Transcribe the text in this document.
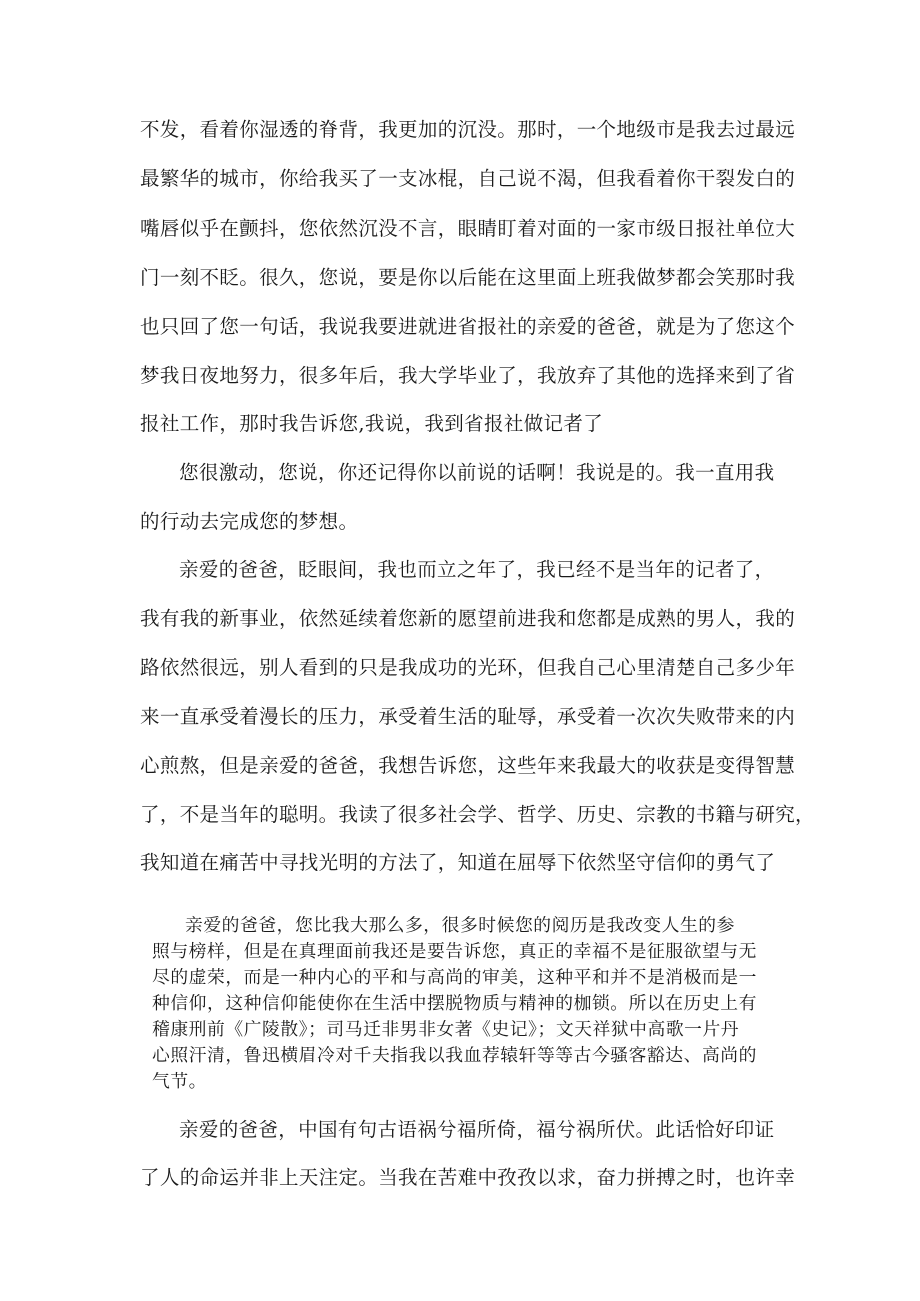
不发，看着你湿透的脊背，我更加的沉没。那时，一个地级市是我去过最远
最繁华的城市，你给我买了一支冰棍，自己说不渴，但我看着你干裂发白的
嘴唇似乎在颤抖，您依然沉没不言，眼睛盯着对面的一家市级日报社单位大
门一刻不眨。很久，您说，要是你以后能在这里面上班我做梦都会笑那时我
也只回了您一句话，我说我要进就进省报社的亲爱的爸爸，就是为了您这个
梦我日夜地努力，很多年后，我大学毕业了，我放弃了其他的选择来到了省
报社工作，那时我告诉您,我说，我到省报社做记者了
您很激动，您说，你还记得你以前说的话啊！我说是的。我一直用我
的行动去完成您的梦想。
亲爱的爸爸，眨眼间，我也而立之年了，我已经不是当年的记者了，
我有我的新事业，依然延续着您新的愿望前进我和您都是成熟的男人，我的
路依然很远，别人看到的只是我成功的光环，但我自己心里清楚自己多少年
来一直承受着漫长的压力，承受着生活的耻辱，承受着一次次失败带来的内
心煎熬，但是亲爱的爸爸，我想告诉您，这些年来我最大的收获是变得智慧
了，不是当年的聪明。我读了很多社会学、哲学、历史、宗教的书籍与研究，
我知道在痛苦中寻找光明的方法了，知道在屈辱下依然坚守信仰的勇气了
亲爱的爸爸，您比我大那么多，很多时候您的阅历是我改变人生的参
照与榜样，但是在真理面前我还是要告诉您，真正的幸福不是征服欲望与无
尽的虚荣，而是一种内心的平和与高尚的审美，这种平和并不是消极而是一
种信仰，这种信仰能使你在生活中摆脱物质与精神的枷锁。所以在历史上有
稽康刑前《广陵散》；司马迁非男非女著《史记》；文天祥狱中高歌一片丹
心照汗清，鲁迅横眉冷对千夫指我以我血荐辕轩等等古今骚客豁达、高尚的
气节。
亲爱的爸爸，中国有句古语祸兮福所倚，福兮祸所伏。此话恰好印证
了人的命运并非上天注定。当我在苦难中孜孜以求，奋力拼搏之时，也许幸
